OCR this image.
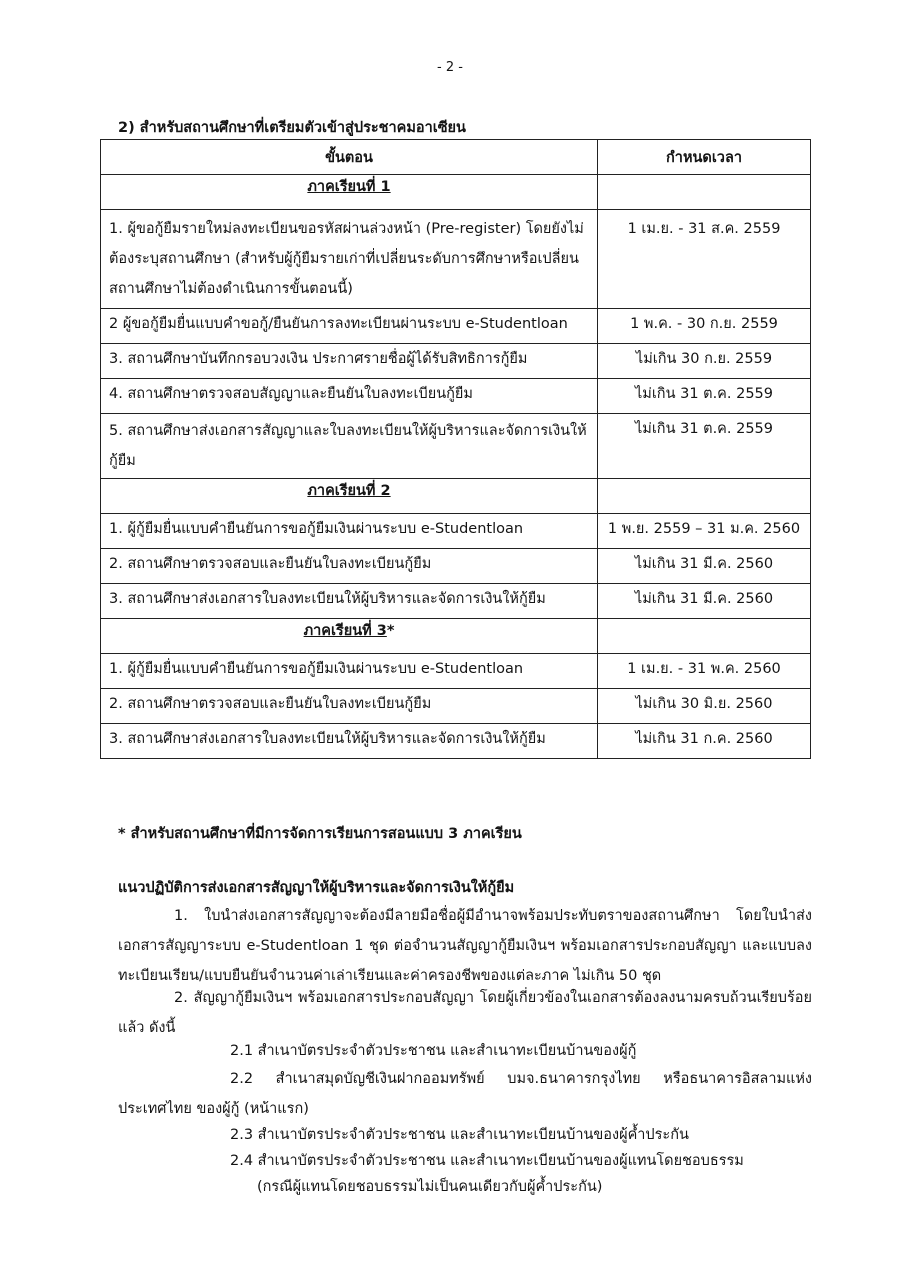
- 2 -
2) สำหรับสถานศึกษาที่เตรียมตัวเข้าสู่ประชาคมอาเซียน
ขั้นตอน	กำหนดเวลา

ภาคเรียนที่ 1	

1. ผู้ขอกู้ยืมรายใหม่ลงทะเบียนขอรหัสผ่านล่วงหน้า (Pre-register) โดยยังไม่ต้องระบุสถานศึกษา (สำหรับผู้กู้ยืมรายเก่าที่เปลี่ยนระดับการศึกษาหรือเปลี่ยนสถานศึกษาไม่ต้องดำเนินการขั้นตอนนี้)	1 เม.ย. - 31 ส.ค. 2559

2 ผู้ขอกู้ยืมยื่นแบบคำขอกู้/ยืนยันการลงทะเบียนผ่านระบบ e-Studentloan	1 พ.ค. - 30 ก.ย. 2559

3. สถานศึกษาบันทึกกรอบวงเงิน ประกาศรายชื่อผู้ได้รับสิทธิการกู้ยืม	ไม่เกิน 30 ก.ย. 2559

4. สถานศึกษาตรวจสอบสัญญาและยืนยันใบลงทะเบียนกู้ยืม	ไม่เกิน 31 ต.ค. 2559

5. สถานศึกษาส่งเอกสารสัญญาและใบลงทะเบียนให้ผู้บริหารและจัดการเงินให้กู้ยืม	ไม่เกิน 31 ต.ค. 2559

ภาคเรียนที่ 2	

1. ผู้กู้ยืมยื่นแบบคำยืนยันการขอกู้ยืมเงินผ่านระบบ e-Studentloan	1 พ.ย. 2559 – 31 ม.ค. 2560

2. สถานศึกษาตรวจสอบและยืนยันใบลงทะเบียนกู้ยืม	ไม่เกิน 31 มี.ค. 2560

3. สถานศึกษาส่งเอกสารใบลงทะเบียนให้ผู้บริหารและจัดการเงินให้กู้ยืม	ไม่เกิน 31 มี.ค. 2560

ภาคเรียนที่ 3*	

1. ผู้กู้ยืมยื่นแบบคำยืนยันการขอกู้ยืมเงินผ่านระบบ e-Studentloan	1 เม.ย. - 31 พ.ค. 2560

2. สถานศึกษาตรวจสอบและยืนยันใบลงทะเบียนกู้ยืม	ไม่เกิน 30 มิ.ย. 2560

3. สถานศึกษาส่งเอกสารใบลงทะเบียนให้ผู้บริหารและจัดการเงินให้กู้ยืม	ไม่เกิน 31 ก.ค. 2560
* สำหรับสถานศึกษาที่มีการจัดการเรียนการสอนแบบ 3 ภาคเรียน
แนวปฏิบัติการส่งเอกสารสัญญาให้ผู้บริหารและจัดการเงินให้กู้ยืม
1. ใบนำส่งเอกสารสัญญาจะต้องมีลายมือชื่อผู้มีอำนาจพร้อมประทับตราของสถานศึกษา โดยใบนำส่งเอกสารสัญญาระบบ e-Studentloan 1 ชุด ต่อจำนวนสัญญากู้ยืมเงินฯ พร้อมเอกสารประกอบสัญญา และแบบลงทะเบียนเรียน/แบบยืนยันจำนวนค่าเล่าเรียนและค่าครองชีพของแต่ละภาค ไม่เกิน 50 ชุด
2. สัญญากู้ยืมเงินฯ พร้อมเอกสารประกอบสัญญา โดยผู้เกี่ยวข้องในเอกสารต้องลงนามครบถ้วนเรียบร้อยแล้ว ดังนี้
2.1 สำเนาบัตรประจำตัวประชาชน และสำเนาทะเบียนบ้านของผู้กู้
2.2 สำเนาสมุดบัญชีเงินฝากออมทรัพย์ บมจ.ธนาคารกรุงไทย หรือธนาคารอิสลามแห่งประเทศไทย ของผู้กู้ (หน้าแรก)
2.3 สำเนาบัตรประจำตัวประชาชน และสำเนาทะเบียนบ้านของผู้ค้ำประกัน
2.4 สำเนาบัตรประจำตัวประชาชน และสำเนาทะเบียนบ้านของผู้แทนโดยชอบธรรม
(กรณีผู้แทนโดยชอบธรรมไม่เป็นคนเดียวกับผู้ค้ำประกัน)
